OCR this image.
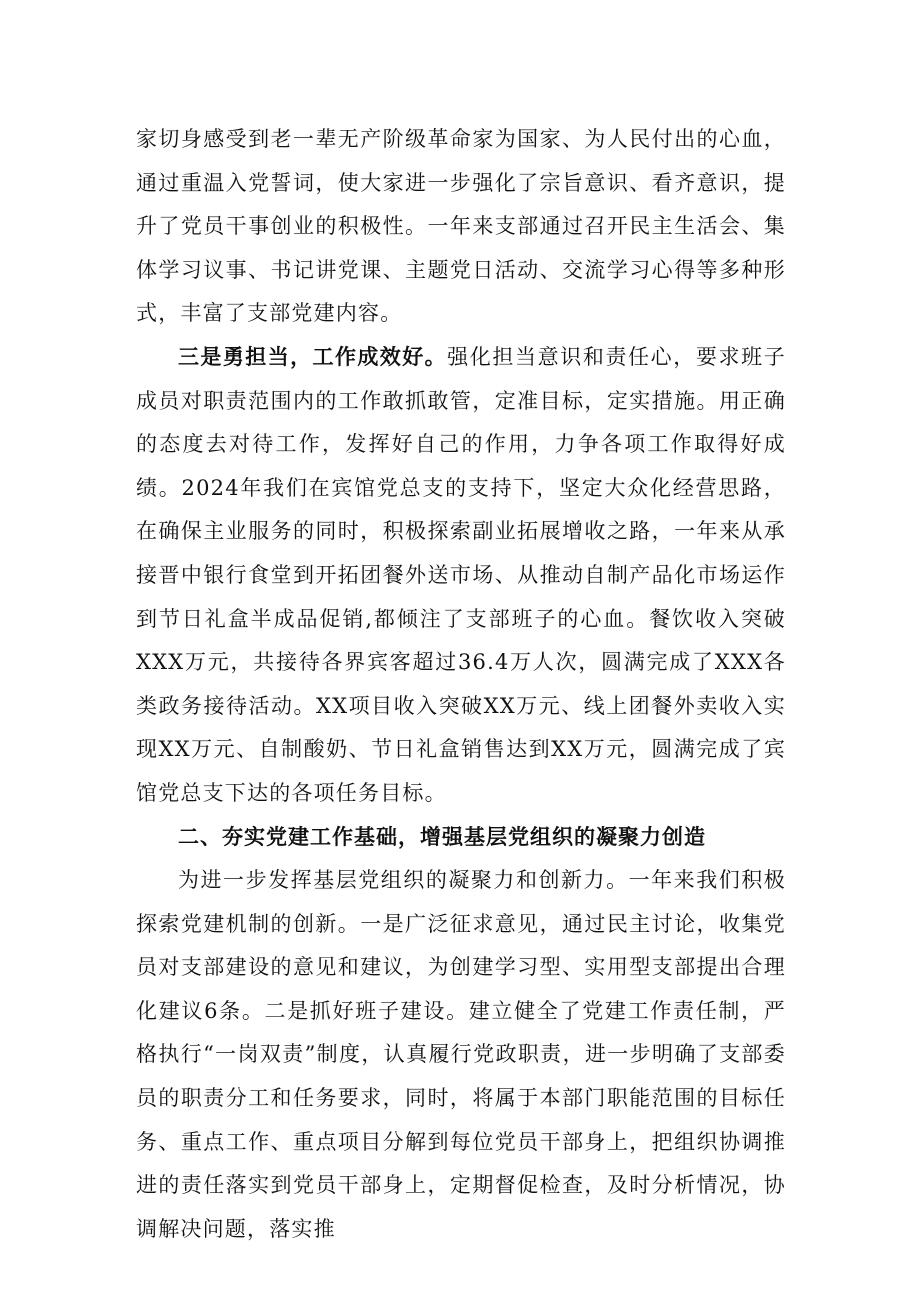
家切身感受到老一辈无产阶级革命家为国家、为人民付出的心血，通过重温入党誓词，使大家进一步强化了宗旨意识、看齐意识，提升了党员干事创业的积极性。一年来支部通过召开民主生活会、集体学习议事、书记讲党课、主题党日活动、交流学习心得等多种形式，丰富了支部党建内容。

三是勇担当，工作成效好。强化担当意识和责任心，要求班子成员对职责范围内的工作敢抓敢管，定准目标，定实措施。用正确的态度去对待工作，发挥好自己的作用，力争各项工作取得好成绩。2024年我们在宾馆党总支的支持下，坚定大众化经营思路，在确保主业服务的同时，积极探索副业拓展增收之路，一年来从承接晋中银行食堂到开拓团餐外送市场、从推动自制产品化市场运作到节日礼盒半成品促销,都倾注了支部班子的心血。餐饮收入突破XXX万元，共接待各界宾客超过36.4万人次，圆满完成了XXX各类政务接待活动。XX项目收入突破XX万元、线上团餐外卖收入实现XX万元、自制酸奶、节日礼盒销售达到XX万元，圆满完成了宾馆党总支下达的各项任务目标。

二、夯实党建工作基础，增强基层党组织的凝聚力创造

为进一步发挥基层党组织的凝聚力和创新力。一年来我们积极探索党建机制的创新。一是广泛征求意见，通过民主讨论，收集党员对支部建设的意见和建议，为创建学习型、实用型支部提出合理化建议6条。二是抓好班子建设。建立健全了党建工作责任制，严格执行“一岗双责”制度，认真履行党政职责，进一步明确了支部委员的职责分工和任务要求，同时，将属于本部门职能范围的目标任务、重点工作、重点项目分解到每位党员干部身上，把组织协调推进的责任落实到党员干部身上，定期督促检查，及时分析情况，协调解决问题，落实推
